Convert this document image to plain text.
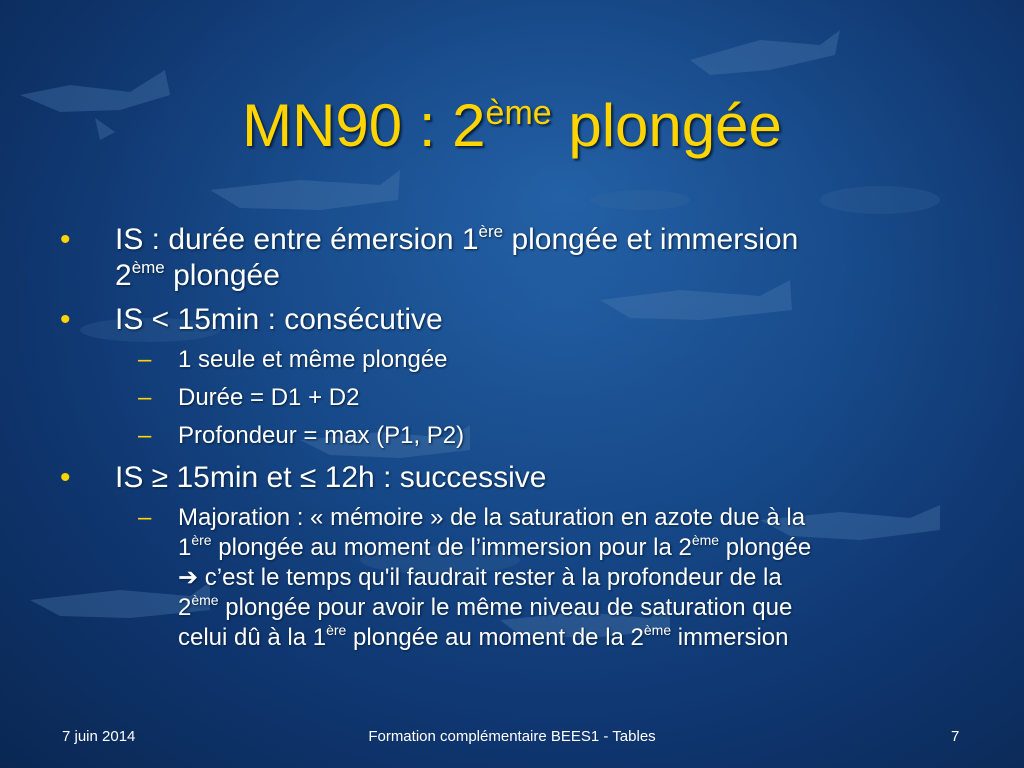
MN90 : 2ème plongée
• IS : durée entre émersion 1ère plongée et immersion
2ème plongée
• IS < 15min : consécutive
– 1 seule et même plongée
– Durée = D1 + D2
– Profondeur = max (P1, P2)
• IS ≥ 15min et ≤ 12h : successive
– Majoration : « mémoire » de la saturation en azote due à la
1ère plongée au moment de l’immersion pour la 2ème plongée
➔ c’est le temps qu'il faudrait rester à la profondeur de la
2ème plongée pour avoir le même niveau de saturation que
celui dû à la 1ère plongée au moment de la 2ème immersion
7 juin 2014	Formation complémentaire BEES1 - Tables	7
